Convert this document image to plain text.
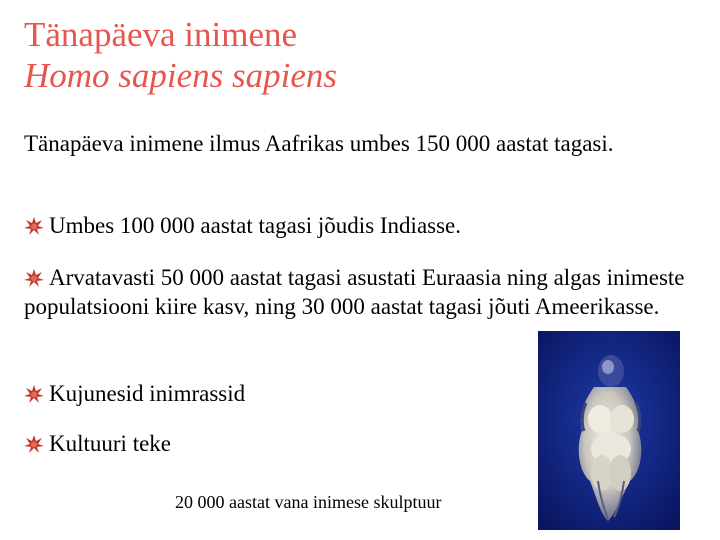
Tänapäeva inimene
Homo sapiens sapiens

Tänapäeva inimene ilmus Aafrikas umbes 150 000 aastat tagasi.

Umbes 100 000 aastat tagasi jõudis Indiasse.

Arvatavasti 50 000 aastat tagasi asustati Euraasia ning algas inimeste populatsiooni kiire kasv, ning 30 000 aastat tagasi jõuti Ameerikasse.

Kujunesid inimrassid

Kultuuri teke

20 000 aastat vana inimese skulptuur
